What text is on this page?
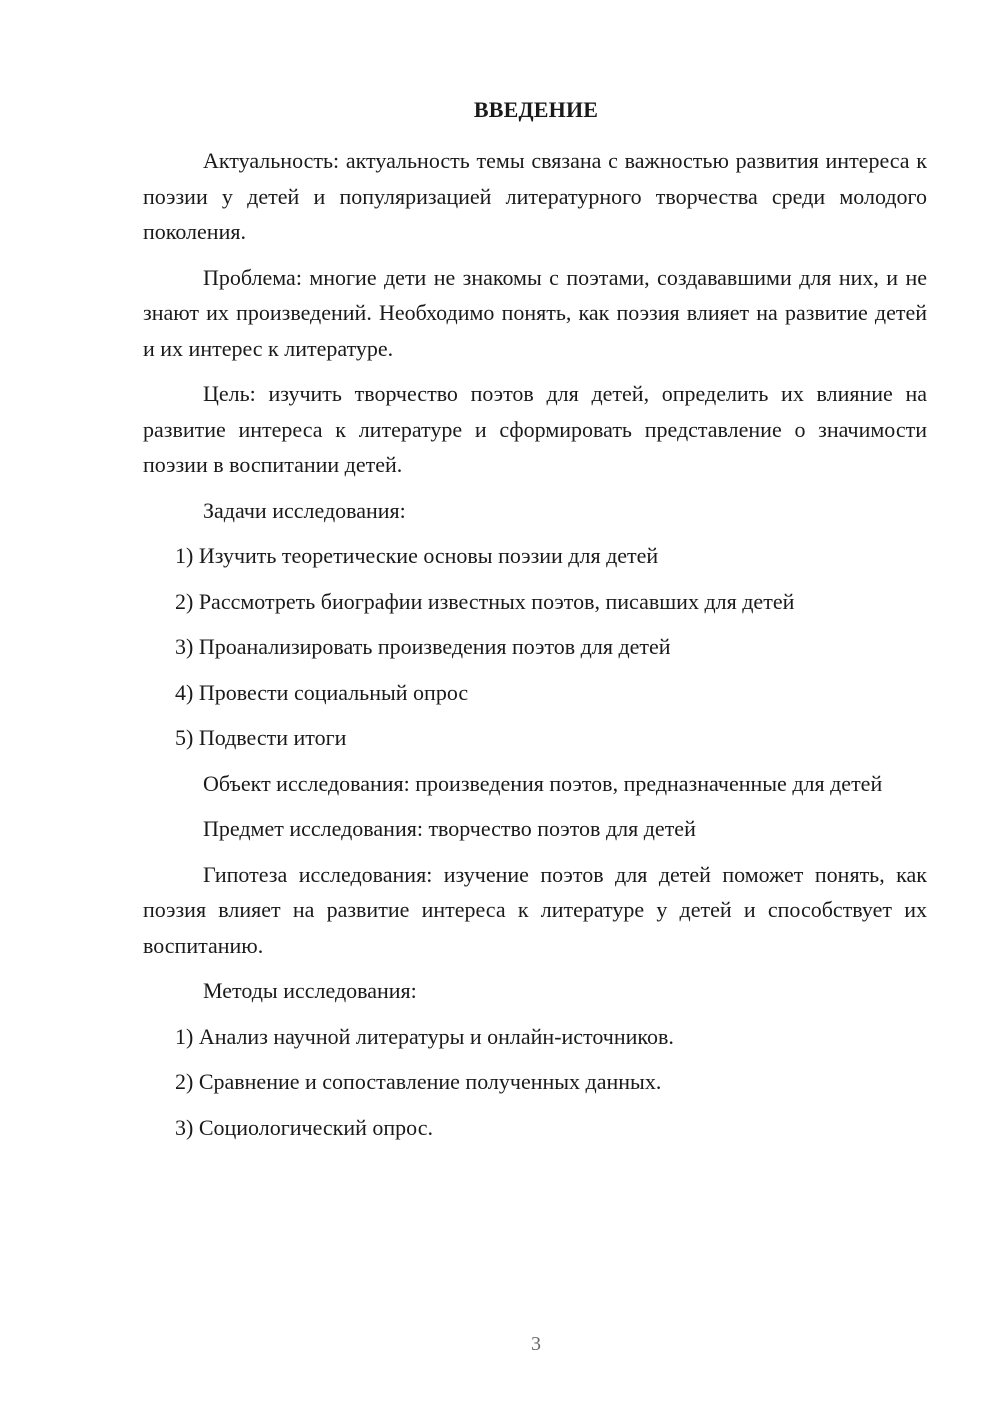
ВВЕДЕНИЕ

Актуальность: актуальность темы связана с важностью развития интереса к поэзии у детей и популяризацией литературного творчества среди молодого поколения.

Проблема: многие дети не знакомы с поэтами, создававшими для них, и не знают их произведений. Необходимо понять, как поэзия влияет на развитие детей и их интерес к литературе.

Цель: изучить творчество поэтов для детей, определить их влияние на развитие интереса к литературе и сформировать представление о значимости поэзии в воспитании детей.

Задачи исследования:

1) Изучить теоретические основы поэзии для детей

2) Рассмотреть биографии известных поэтов, писавших для детей

3) Проанализировать произведения поэтов для детей

4) Провести социальный опрос

5) Подвести итоги

Объект исследования: произведения поэтов, предназначенные для детей

Предмет исследования: творчество поэтов для детей

Гипотеза исследования: изучение поэтов для детей поможет понять, как поэзия влияет на развитие интереса к литературе у детей и способствует их воспитанию.

Методы исследования:

1) Анализ научной литературы и онлайн-источников.

2) Сравнение и сопоставление полученных данных.

3) Социологический опрос.

3
